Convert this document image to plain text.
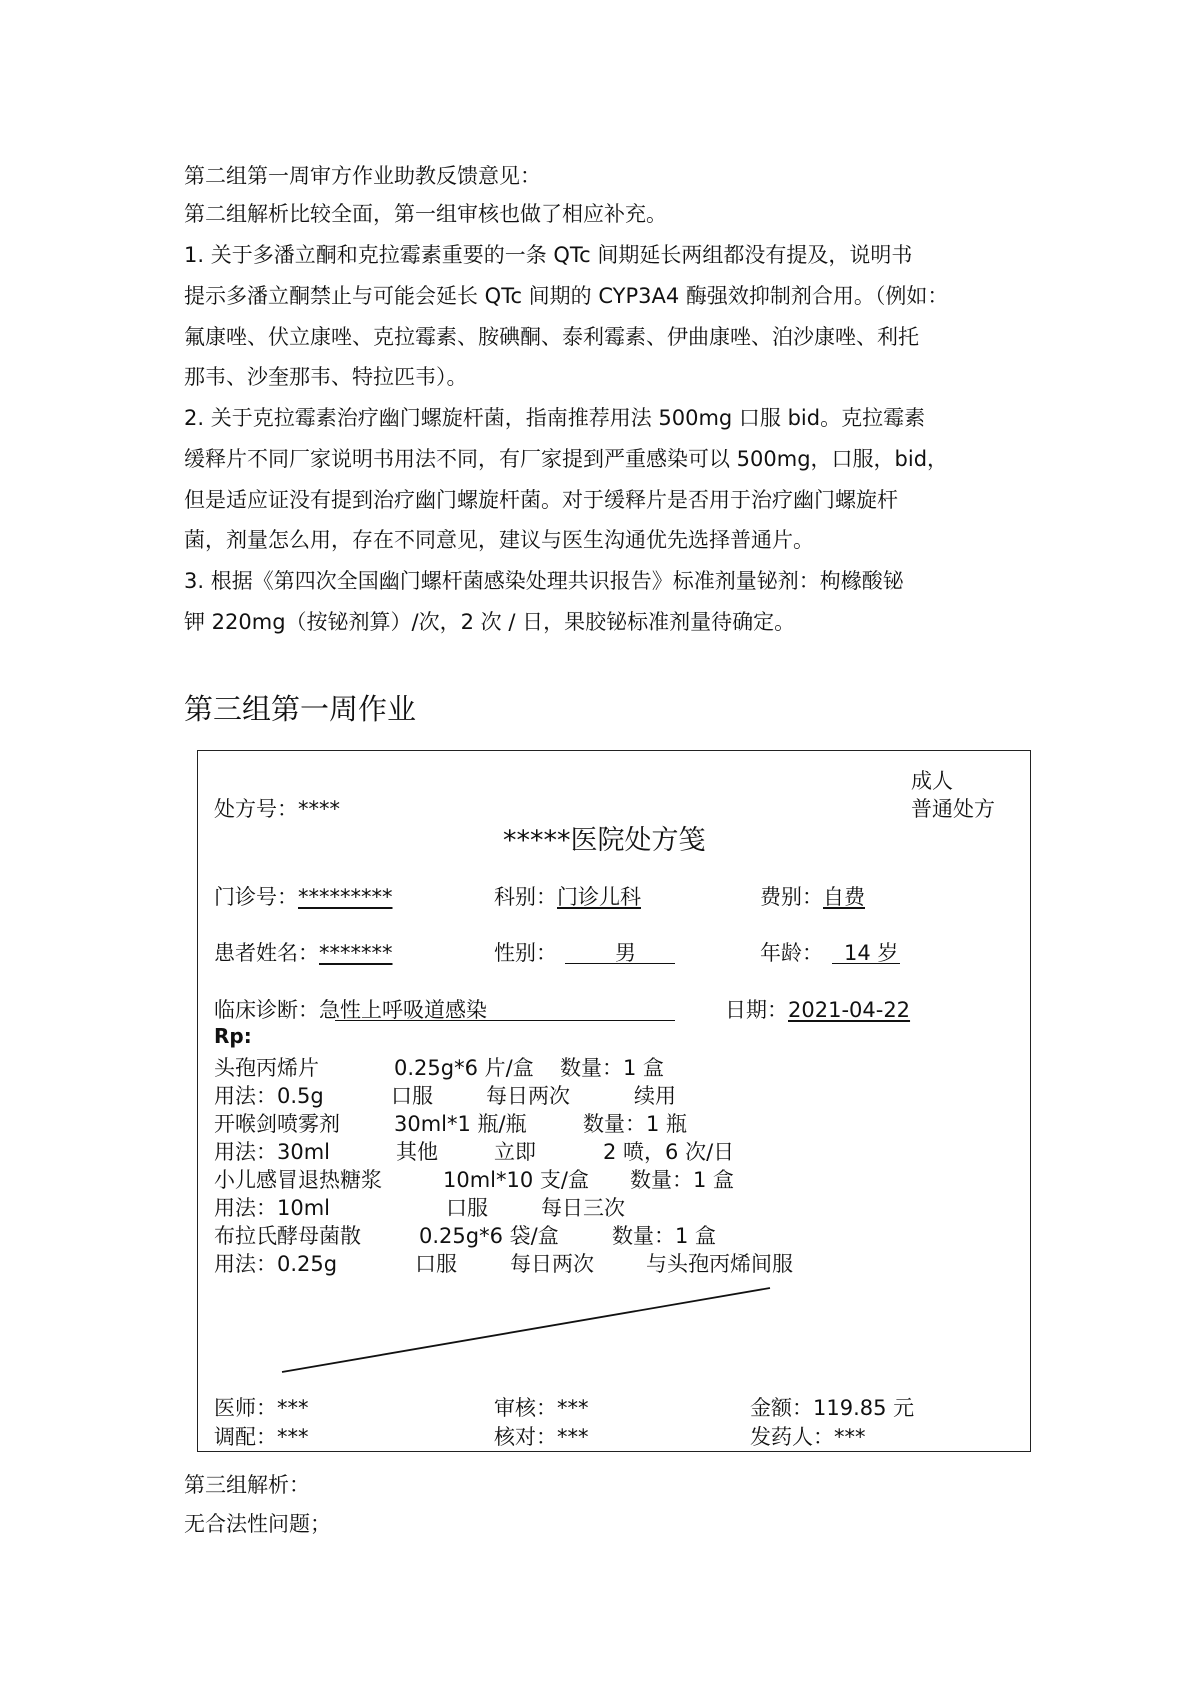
第二组第一周审方作业助教反馈意见：
第二组解析比较全面，第一组审核也做了相应补充。
1. 关于多潘立酮和克拉霉素重要的一条 QTc 间期延长两组都没有提及，说明书
提示多潘立酮禁止与可能会延长 QTc 间期的 CYP3A4 酶强效抑制剂合用。（例如：
氟康唑、伏立康唑、克拉霉素、胺碘酮、泰利霉素、伊曲康唑、泊沙康唑、利托
那韦、沙奎那韦、特拉匹韦）。
2. 关于克拉霉素治疗幽门螺旋杆菌，指南推荐用法 500mg 口服 bid。克拉霉素
缓释片不同厂家说明书用法不同，有厂家提到严重感染可以 500mg，口服，bid，
但是适应证没有提到治疗幽门螺旋杆菌。对于缓释片是否用于治疗幽门螺旋杆
菌，剂量怎么用，存在不同意见，建议与医生沟通优先选择普通片。
3. 根据《第四次全国幽门螺杆菌感染处理共识报告》标准剂量铋剂：枸橼酸铋
钾 220mg（按铋剂算）/次，2 次 / 日，果胶铋标准剂量待确定。
第三组第一周作业
处方号：****
成人
普通处方
*****医院处方笺
门诊号：*********	科别：门诊儿科	费别：自费
患者姓名：*******	性别：	男	年龄： 14 岁
临床诊断：急性上呼吸道感染	日期：2021-04-22
Rp:
头孢丙烯片	0.25g*6 片/盒 数量：1 盒
用法：0.5g	口服	每日两次	续用
开喉剑喷雾剂	30ml*1 瓶/瓶	数量：1 瓶
用法：30ml	其他	立即	2 喷，6 次/日
小儿感冒退热糖浆	10ml*10 支/盒 数量：1 盒
用法：10ml	口服	每日三次
布拉氏酵母菌散	0.25g*6 袋/盒	数量：1 盒
用法：0.25g	口服	每日两次 与头孢丙烯间服
医师：***	审核：***	金额：119.85 元
调配：***	核对：***	发药人：***
第三组解析：
无合法性问题；
